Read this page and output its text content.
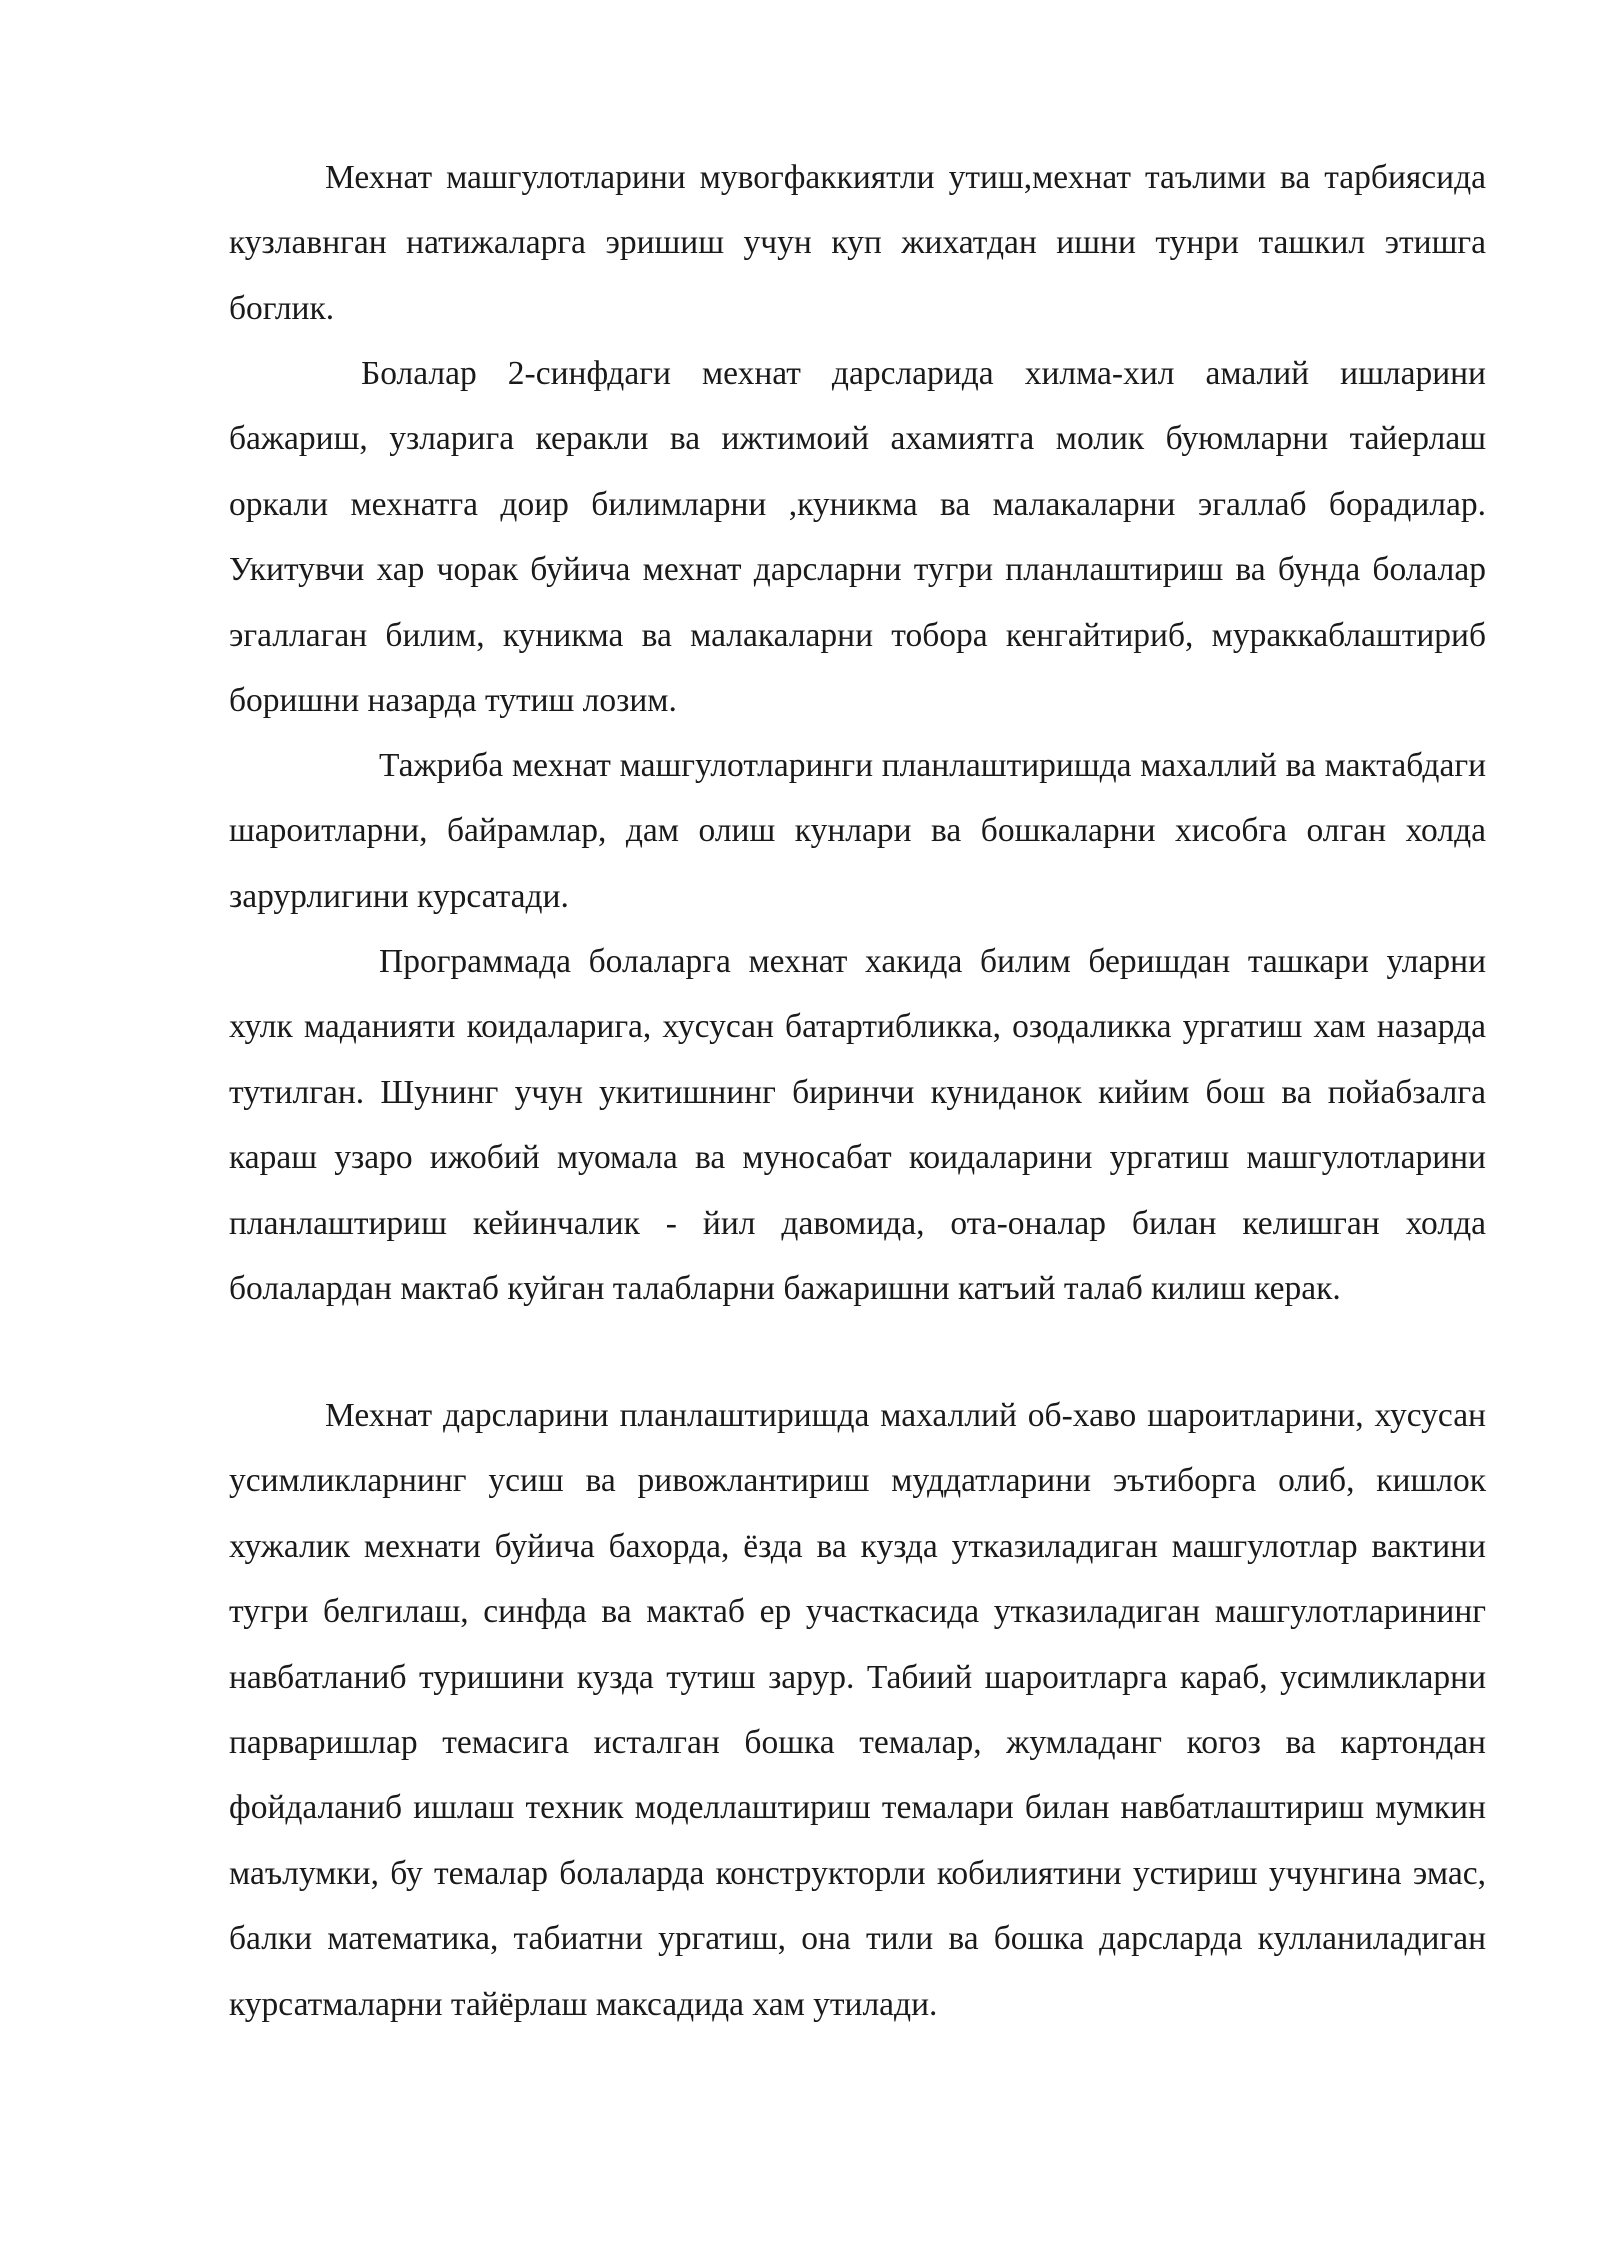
Мехнат машгулотларини мувогфаккиятли утиш,мехнат таълими ва тарбиясида кузлавнган натижаларга эришиш учун куп жихатдан ишни тунри ташкил этишга боглик.

Болалар 2-синфдаги мехнат дарсларида хилма-хил амалий ишларини бажариш, узларига кеpакли ва ижтимоий ахамиятга молик буюмларни тайерлаш оркали мехнатга доир билимларни ,куникма ва малакаларни эгаллаб борадилар. Укитувчи хар чорак буйича мехнат дарсларни тугри планлаштириш ва бунда болалар эгаллаган билим, куникма ва малакаларни тобора кенгайтириб, мураккаблаштириб боришни назарда тутиш лозим.

Тажриба мехнат машгулотларинги планлаштиришда махаллий ва мактабдаги шароитларни, байрамлар, дам олиш кунлари ва бошкаларни хисобга олган холда зарурлигини курсатади.

Программада болаларга мехнат хакида билим беришдан ташкари уларни хулк маданияти коидаларига, хусусан батартибликка, озодаликка ургатиш хам назарда тутилган. Шунинг учун укитишнинг биринчи куниданок кийим бош ва пойабзалга караш узаро ижобий муомала ва муносабат коидаларини ургатиш машгулотларини планлаштириш кейинчалик - йил давомида, ота-оналар билан келишган холда болалардан мактаб куйган талабларни бажаришни катъий талаб килиш керак.

Мехнат дарсларини планлаштиришда махаллий об-хаво шароитларини, хусусан усимликларнинг усиш ва ривожлантириш муддатларини эътиборга олиб, кишлок хужалик мехнати буйича бахорда, ёзда ва кузда утказиладиган машгулотлар вактини тугри белгилаш, синфда ва мактаб ер участкасида утказиладиган машгулотларининг навбатланиб туришини кузда тутиш зарур. Табиий шароитларга караб, усимликларни парваришлар темасига исталган бошка темалар, жумладанг когоз ва картондан фойдаланиб ишлаш техник моделлаштириш темалари билан навбатлаштириш мумкин маълумки, бу темалар болаларда конструкторли кобилиятини устириш учунгина эмас, балки математика, табиатни ургатиш, она тили ва бошка дарсларда кулланиладиган курсатмаларни тайёрлаш максадида хам утилади.
